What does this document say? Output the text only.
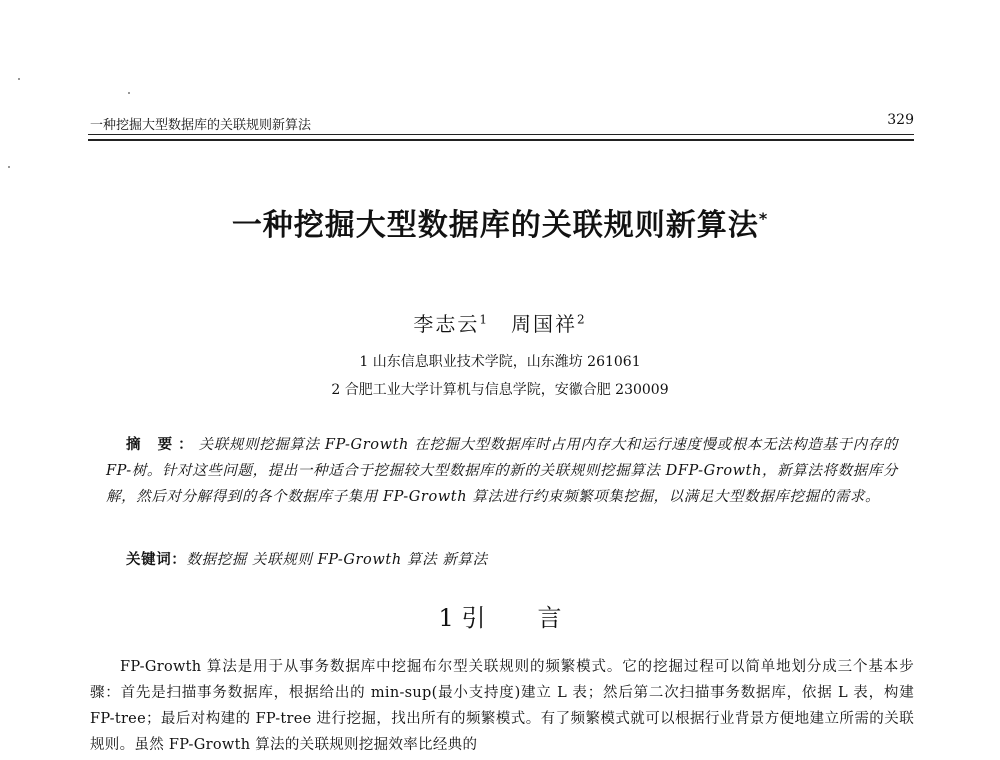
一种挖掘大型数据库的关联规则新算法	329
一种挖掘大型数据库的关联规则新算法*
李志云$^1$ 周国祥$^2$
1 山东信息职业技术学院，山东潍坊 261061
2 合肥工业大学计算机与信息学院，安徽合肥 230009
摘 要：关联规则挖掘算法 FP-Growth 在挖掘大型数据库时占用内存大和运行速度慢或根本无法构造基于内存的 FP-树。针对这些问题，提出一种适合于挖掘较大型数据库的新的关联规则挖掘算法 DFP-Growth，新算法将数据库分解，然后对分解得到的各个数据库子集用 FP-Growth 算法进行约束频繁项集挖掘，以满足大型数据库挖掘的需求。
关键词：数据挖掘 关联规则 FP-Growth 算法 新算法
1 引 言
FP-Growth 算法是用于从事务数据库中挖掘布尔型关联规则的频繁模式。它的挖掘过程可以简单地划分成三个基本步骤：首先是扫描事务数据库，根据给出的 min-sup(最小支持度)建立 L 表；然后第二次扫描事务数据库，依据 L 表，构建 FP-tree；最后对构建的 FP-tree 进行挖掘，找出所有的频繁模式。有了频繁模式就可以根据行业背景方便地建立所需的关联规则。虽然 FP-Growth 算法的关联规则挖掘效率比经典的
